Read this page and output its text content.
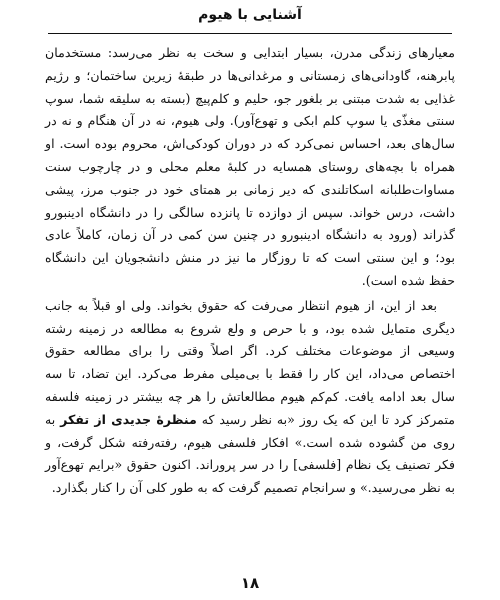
آشنایی با هیوم

معیارهای زندگی مدرن، بسیار ابتدایی و سخت به نظر می‌رسد: مستخدمان پابرهنه، گاودانی‌های زمستانی و مرغدانی‌ها در طبقهٔ زیرین ساختمان؛ و رژیم غذایی به شدت مبتنی بر بلغور جو، حلیم و کلم‌پیچ (بسته به سلیقه شما، سوپ سنتی مغذّی یا سوپ کلم ابکی و تهوع‌آور). ولی هیوم، نه در آن هنگام و نه در سال‌های بعد، احساس نمی‌کرد که در دوران کودکی‌اش، محروم بوده است. او همراه با بچه‌های روستای همسایه در کلبهٔ معلم محلی و در چارچوب سنت مساوات‌طلبانه اسکاتلندی که دیر زمانی بر همتای خود در جنوب مرز، پیشی داشت، درس خواند. سپس از دوازده تا پانزده سالگی را در دانشگاه ادینبورو گذراند (ورود به دانشگاه ادینبورو در چنین سن کمی در آن زمان، کاملاً عادی بود؛ و این سنتی است که تا روزگار ما نیز در منش دانشجویان این دانشگاه حفظ شده است).

بعد از این، از هیوم انتظار می‌رفت که حقوق بخواند. ولی او قبلاً به جانب دیگری متمایل شده بود، و با حرص و ولع شروع به مطالعه در زمینه رشته وسیعی از موضوعات مختلف کرد. اگر اصلاً وقتی را برای مطالعه حقوق اختصاص می‌داد، این کار را فقط با بی‌میلی مفرط می‌کرد. این تضاد، تا سه سال بعد ادامه یافت. کم‌کم هیوم مطالعاتش را هر چه بیشتر در زمینه فلسفه متمرکز کرد تا این که یک روز «به نظر رسید که منظرهٔ جدیدی از تفکر به روی من گشوده شده است.» افکار فلسفی هیوم، رفته‌رفته شکل گرفت، و فکر تصنیف یک نظام [فلسفی] را در سر پروراند. اکنون حقوق «برایم تهوع‌آور به نظر می‌رسید.» و سرانجام تصمیم گرفت که به طور کلی آن را کنار بگذارد.

۱۸
